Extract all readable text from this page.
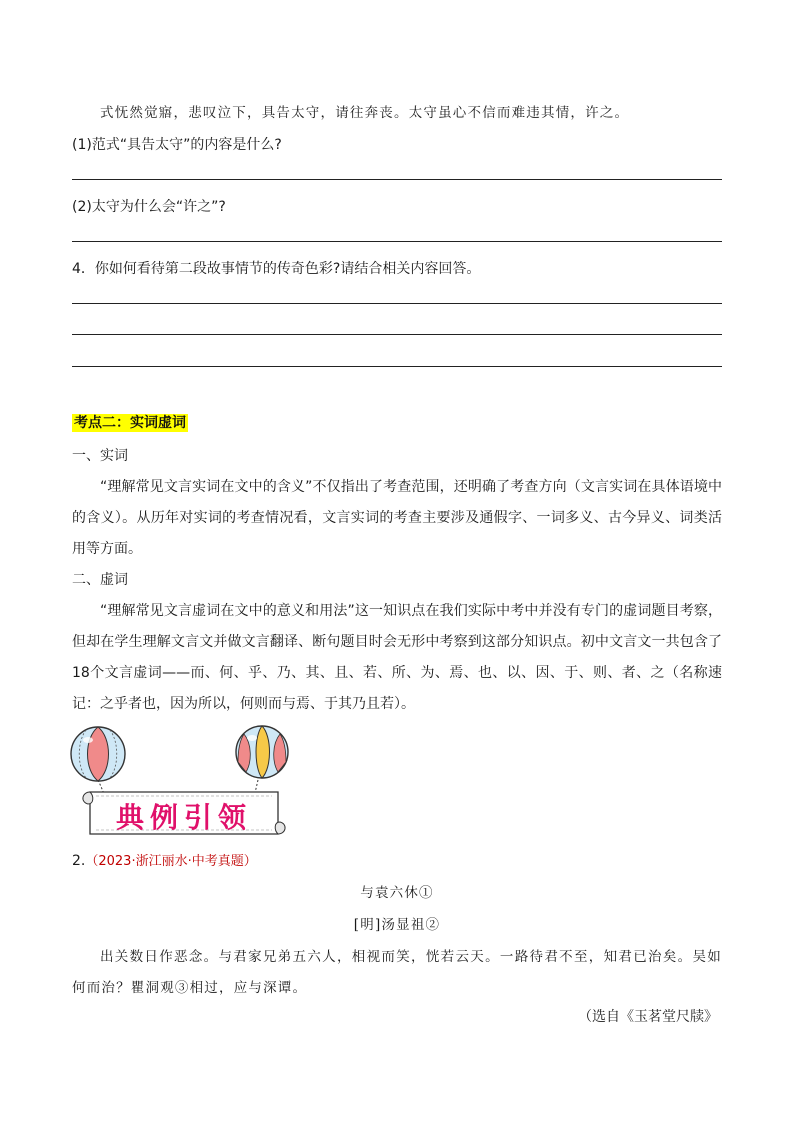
式怃然觉寤，悲叹泣下，具告太守，请往奔丧。太守虽心不信而难违其情，许之。
(1)范式“具告太守”的内容是什么?
(2)太守为什么会“许之”?
4．你如何看待第二段故事情节的传奇色彩?请结合相关内容回答。
考点二：实词虚词
一、实词
“理解常见文言实词在文中的含义”不仅指出了考查范围，还明确了考查方向（文言实词在具体语境中的含义）。从历年对实词的考查情况看，文言实词的考查主要涉及通假字、一词多义、古今异义、词类活用等方面。
二、虚词
“理解常见文言虚词在文中的意义和用法”这一知识点在我们实际中考中并没有专门的虚词题目考察，但却在学生理解文言文并做文言翻译、断句题目时会无形中考察到这部分知识点。初中文言文一共包含了18个文言虚词——而、何、乎、乃、其、且、若、所、为、焉、也、以、因、于、则、者、之（名称速记：之乎者也，因为所以，何则而与焉、于其乃且若）。
典例引领
2.（2023·浙江丽水·中考真题）
与袁六休①
[明]汤显祖②
出关数日作恶念。与君家兄弟五六人，相视而笑，恍若云天。一路待君不至，知君已治矣。吴如何而治？瞿洞观③相过，应与深谭。
（选自《玉茗堂尺牍》
